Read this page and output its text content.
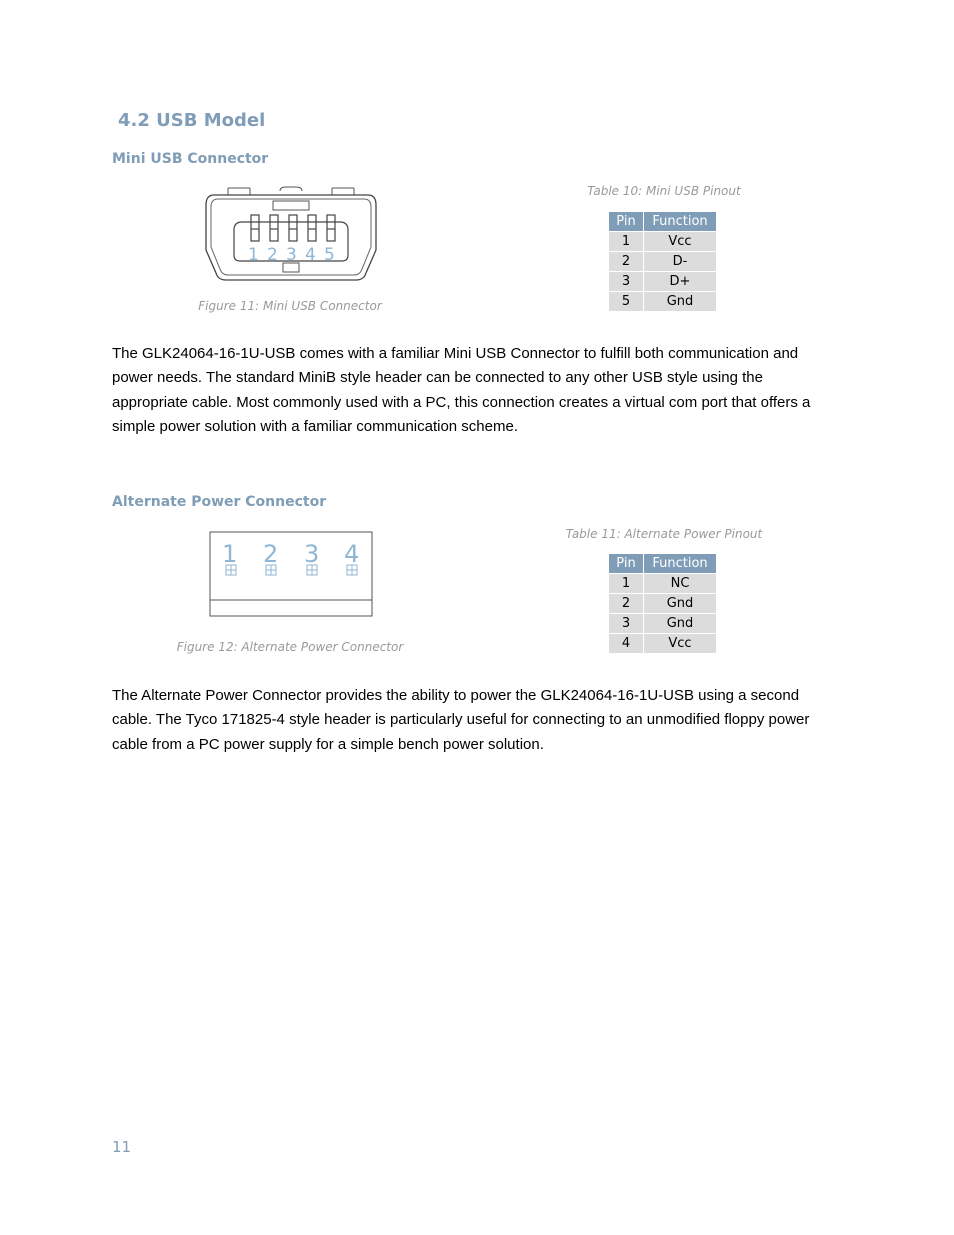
4.2 USB Model
Mini USB Connector
1 2 3 4 5
Figure 11: Mini USB Connector
Table 10: Mini USB Pinout
Pin	Function
1	Vcc
2	D-
3	D+
5	Gnd
The GLK24064-16-1U-USB comes with a familiar Mini USB Connector to fulfill both communication and power needs. The standard MiniB style header can be connected to any other USB style using the appropriate cable. Most commonly used with a PC, this connection creates a virtual com port that offers a simple power solution with a familiar communication scheme.
Alternate Power Connector
1 2 3 4
Figure 12: Alternate Power Connector
Table 11: Alternate Power Pinout
Pin	Function
1	NC
2	Gnd
3	Gnd
4	Vcc
The Alternate Power Connector provides the ability to power the GLK24064-16-1U-USB using a second cable. The Tyco 171825-4 style header is particularly useful for connecting to an unmodified floppy power cable from a PC power supply for a simple bench power solution.
11
